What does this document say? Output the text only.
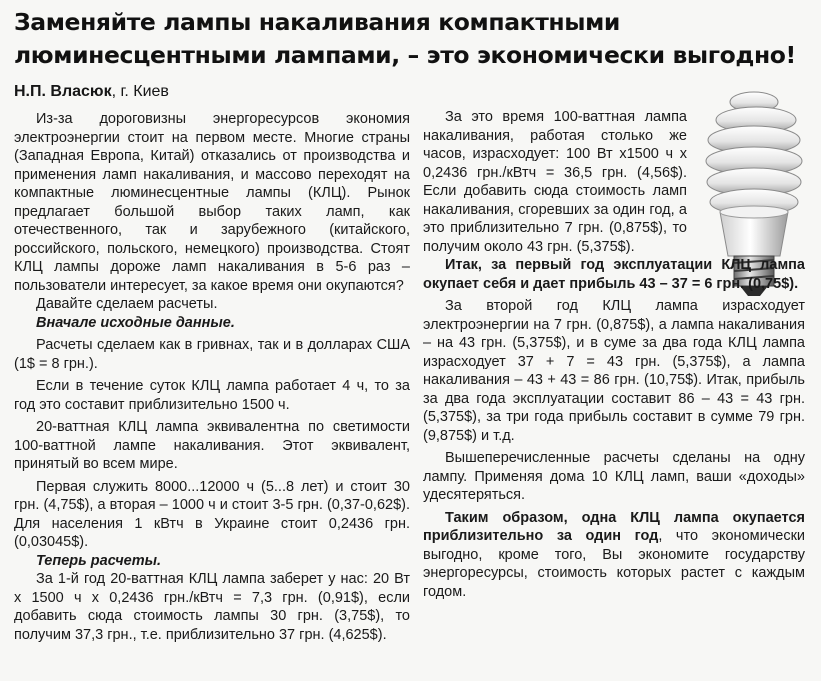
Заменяйте лампы накаливания компактными
люминесцентными лампами, – это экономически выгодно!
Н.П. Власюк, г. Киев

Из-за дороговизны энергоресурсов экономия электроэнергии стоит на первом месте. Многие страны (Западная Европа, Китай) отказались от производства и применения ламп накаливания, и массово переходят на компактные люминесцентные лампы (КЛЦ). Рынок предлагает большой выбор таких ламп, как отечественного, так и зарубежного (китайского, российского, польского, немецкого) производства. Стоят КЛЦ лампы дороже ламп накаливания в 5-6 раз – пользователи интересует, за какое время они окупаются?

Давайте сделаем расчеты.

Вначале исходные данные.

Расчеты сделаем как в гривнах, так и в долларах США (1$ = 8 грн.).

Если в течение суток КЛЦ лампа работает 4 ч, то за год это составит приблизительно 1500 ч.

20-ваттная КЛЦ лампа эквивалентна по светимости 100-ваттной лампе накаливания. Этот эквивалент, принятый во всем мире.

Первая служить 8000...12000 ч (5...8 лет) и стоит 30 грн. (4,75$), а вторая – 1000 ч и стоит 3-5 грн. (0,37-0,62$). Для населения 1 кВтч в Украине стоит 0,2436 грн. (0,03045$).

Теперь расчеты.

За 1-й год 20-ваттная КЛЦ лампа заберет у нас: 20 Вт х 1500 ч х 0,2436 грн./кВтч = 7,3 грн. (0,91$), если добавить сюда стоимость лампы 30 грн. (3,75$), то получим 37,3 грн., т.е. приблизительно 37 грн. (4,625$).

За это время 100-ваттная лампа накаливания, работая столько же часов, израсходует: 100 Вт х1500 ч х 0,2436 грн./кВтч = 36,5 грн. (4,56$). Если добавить сюда стоимость ламп накаливания, сгоревших за один год, а это приблизительно 7 грн. (0,875$), то получим около 43 грн. (5,375$).

Итак, за первый год эксплуатации КЛЦ лампа окупает себя и дает прибыль 43 – 37 = 6 грн. (0,75$).

За второй год КЛЦ лампа израсходует электроэнергии на 7 грн. (0,875$), а лампа накаливания – на 43 грн. (5,375$), и в суме за два года КЛЦ лампа израсходует 37 + 7 = 43 грн. (5,375$), а лампа накаливания – 43 + 43 = 86 грн. (10,75$). Итак, прибыль за два года эксплуатации составит 86 – 43 = 43 грн. (5,375$), за три года прибыль составит в сумме 79 грн. (9,875$) и т.д.

Вышеперечисленные расчеты сделаны на одну лампу. Применяя дома 10 КЛЦ ламп, ваши «доходы» удесятеряться.

Таким образом, одна КЛЦ лампа окупается приблизительно за один год, что экономически выгодно, кроме того, Вы экономите государству энергоресурсы, стоимость которых растет с каждым годом.
